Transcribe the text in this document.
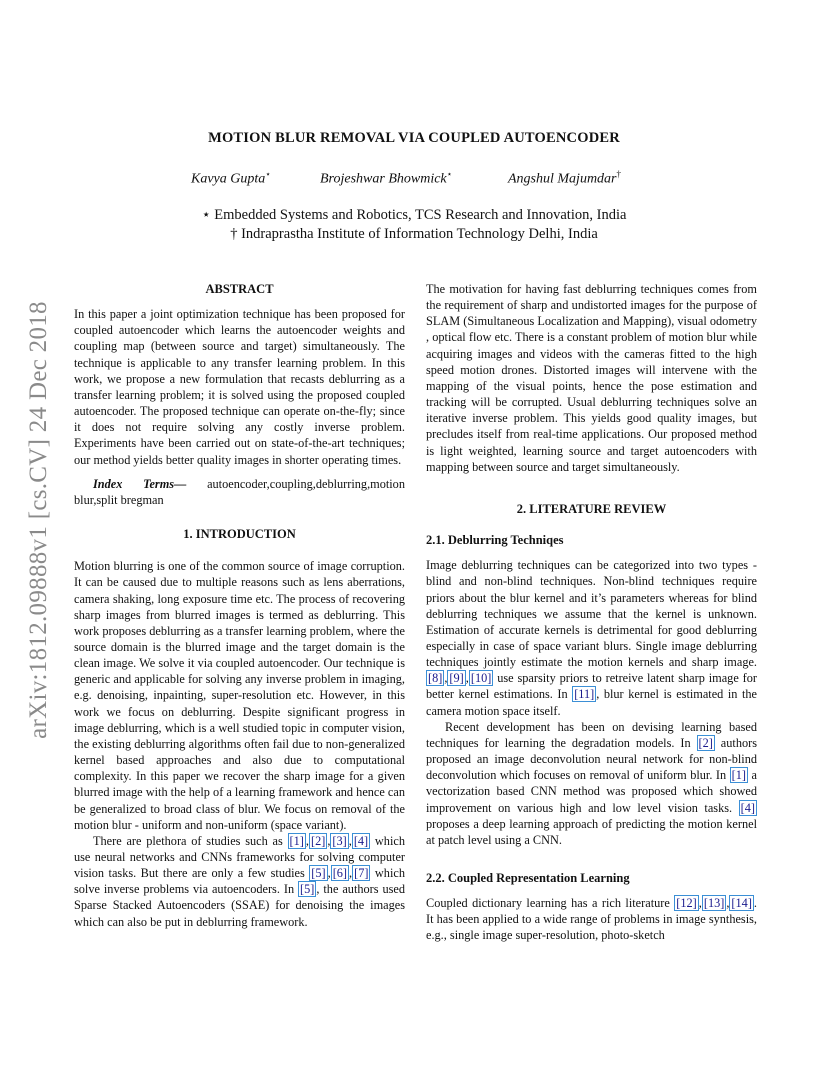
arXiv:1812.09888v1 [cs.CV] 24 Dec 2018
MOTION BLUR REMOVAL VIA COUPLED AUTOENCODER
Kavya Gupta⋆	Brojeshwar Bhowmick⋆	Angshul Majumdar†
⋆ Embedded Systems and Robotics, TCS Research and Innovation, India
† Indraprastha Institute of Information Technology Delhi, India
ABSTRACT

In this paper a joint optimization technique has been proposed for coupled autoencoder which learns the autoencoder weights and coupling map (between source and target) simultaneously. The technique is applicable to any transfer learning problem. In this work, we propose a new formulation that recasts deblurring as a transfer learning problem; it is solved using the proposed coupled autoencoder. The proposed technique can operate on-the-fly; since it does not require solving any costly inverse problem. Experiments have been carried out on state-of-the-art techniques; our method yields better quality images in shorter operating times.

Index Terms— autoencoder,coupling,deblurring,motion blur,split bregman

1. INTRODUCTION

Motion blurring is one of the common source of image corruption. It can be caused due to multiple reasons such as lens aberrations, camera shaking, long exposure time etc. The process of recovering sharp images from blurred images is termed as deblurring. This work proposes deblurring as a transfer learning problem, where the source domain is the blurred image and the target domain is the clean image. We solve it via coupled autoencoder. Our technique is generic and applicable for solving any inverse problem in imaging, e.g. denoising, inpainting, super-resolution etc. However, in this work we focus on deblurring. Despite significant progress in image deblurring, which is a well studied topic in computer vision, the existing deblurring algorithms often fail due to non-generalized kernel based approaches and also due to computational complexity. In this paper we recover the sharp image for a given blurred image with the help of a learning framework and hence can be generalized to broad class of blur. We focus on removal of the motion blur - uniform and non-uniform (space variant).

There are plethora of studies such as [1] , [2] , [3] , [4] which use neural networks and CNNs frameworks for solving computer vision tasks. But there are only a few studies [5] , [6] , [7] which solve inverse problems via autoencoders. In [5] , the authors used Sparse Stacked Autoencoders (SSAE) for denoising the images which can also be put in deblurring framework.

The motivation for having fast deblurring techniques comes from the requirement of sharp and undistorted images for the purpose of SLAM (Simultaneous Localization and Mapping), visual odometry , optical flow etc. There is a constant problem of motion blur while acquiring images and videos with the cameras fitted to the high speed motion drones. Distorted images will intervene with the mapping of the visual points, hence the pose estimation and tracking will be corrupted. Usual deblurring techniques solve an iterative inverse problem. This yields good quality images, but precludes itself from real-time applications. Our proposed method is light weighted, learning source and target autoencoders with mapping between source and target simultaneously.

2. LITERATURE REVIEW
2.1. Deblurring Techniqes

Image deblurring techniques can be categorized into two types - blind and non-blind techniques. Non-blind techniques require priors about the blur kernel and it’s parameters whereas for blind deblurring techniques we assume that the kernel is unknown. Estimation of accurate kernels is detrimental for good deblurring especially in case of space variant blurs. Single image deblurring techniques jointly estimate the motion kernels and sharp image. [8] , [9] , [10] use sparsity priors to retreive latent sharp image for better kernel estimations. In [11] , blur kernel is estimated in the camera motion space itself.

Recent development has been on devising learning based techniques for learning the degradation models. In [2] authors proposed an image deconvolution neural network for non-blind deconvolution which focuses on removal of uniform blur. In [1] a vectorization based CNN method was proposed which showed improvement on various high and low level vision tasks. [4] proposes a deep learning approach of predicting the motion kernel at patch level using a CNN.

2.2. Coupled Representation Learning

Coupled dictionary learning has a rich literature [12] , [13] , [14] . It has been applied to a wide range of problems in image synthesis, e.g., single image super-resolution, photo-sketch
